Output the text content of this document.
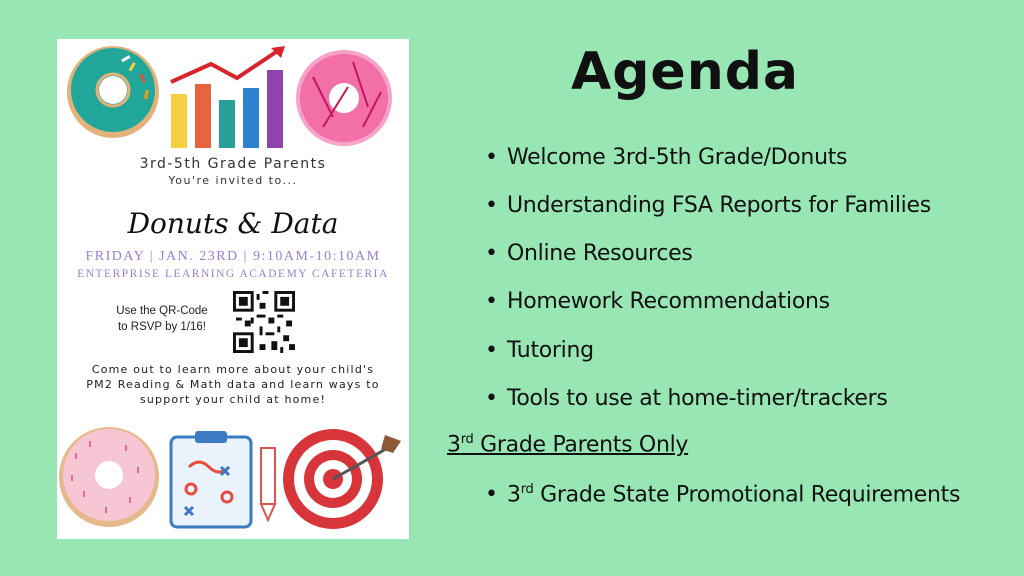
3rd-5th Grade Parents
You're invited to...
Donuts & Data
FRIDAY | JAN. 23RD | 9:10AM-10:10AM
ENTERPRISE LEARNING ACADEMY CAFETERIA
Use the QR-Code
to RSVP by 1/16!
Come out to learn more about your child's
PM2 Reading & Math data and learn ways to
support your child at home!
Agenda
• Welcome 3rd-5th Grade/Donuts
• Understanding FSA Reports for Families
• Online Resources
• Homework Recommendations
• Tutoring
• Tools to use at home-timer/trackers
3rd Grade Parents Only
• 3rd Grade State Promotional Requirements
